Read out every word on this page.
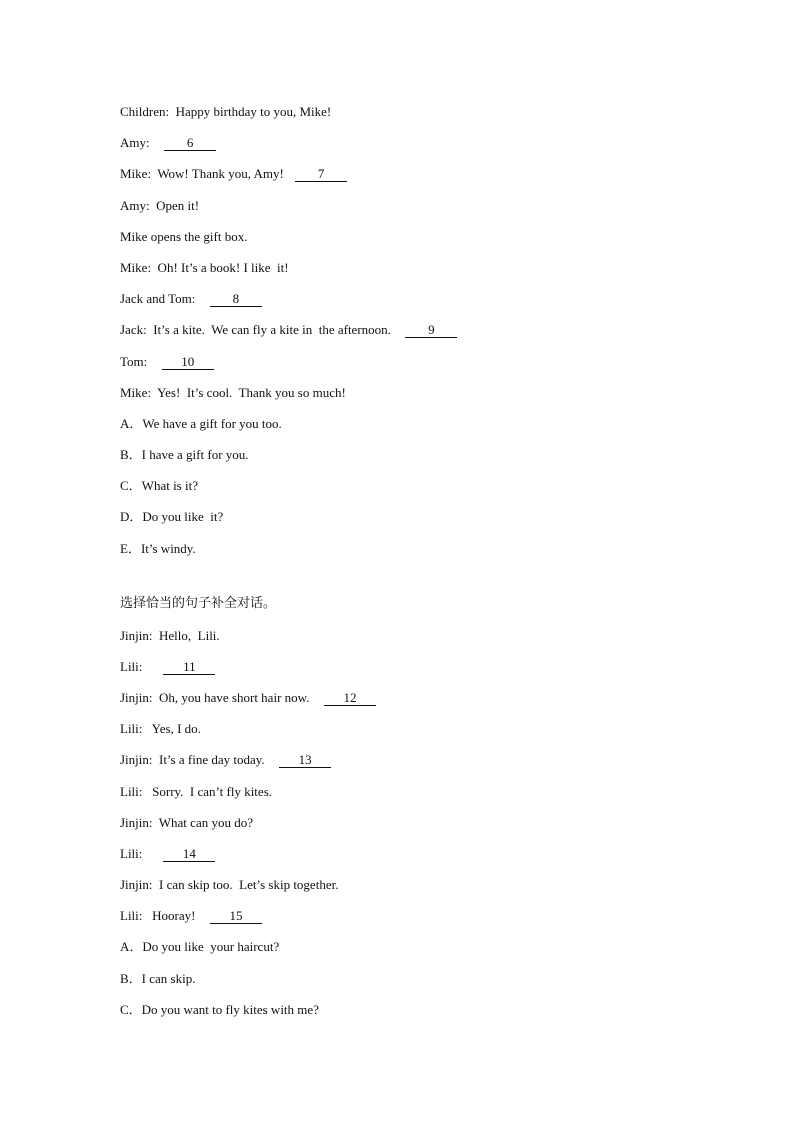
Children:  Happy birthday to you, Mike!
Amy:  6
Mike:  Wow! Thank you, Amy! 7
Amy:  Open it!
Mike opens the gift box.
Mike:  Oh! It’s a book! I like  it!
Jack and Tom:  8
Jack:  It’s a kite.  We can fly a kite in  the afternoon.  9
Tom:  10
Mike:  Yes!  It’s cool.  Thank you so much!
A．We have a gift for you too.
B．I have a gift for you.
C．What is it?
D．Do you like  it?
E．It’s windy.
选择恰当的句子补全对话。
Jinjin:  Hello,  Lili.
Lili:    11
Jinjin:  Oh, you have short hair now.  12
Lili:   Yes, I do.
Jinjin:  It’s a fine day today.  13
Lili:   Sorry.  I can’t fly kites.
Jinjin:  What can you do?
Lili:    14
Jinjin:  I can skip too.  Let’s skip together.
Lili:   Hooray!  15
A．Do you like  your haircut?
B．I can skip.
C．Do you want to fly kites with me?
